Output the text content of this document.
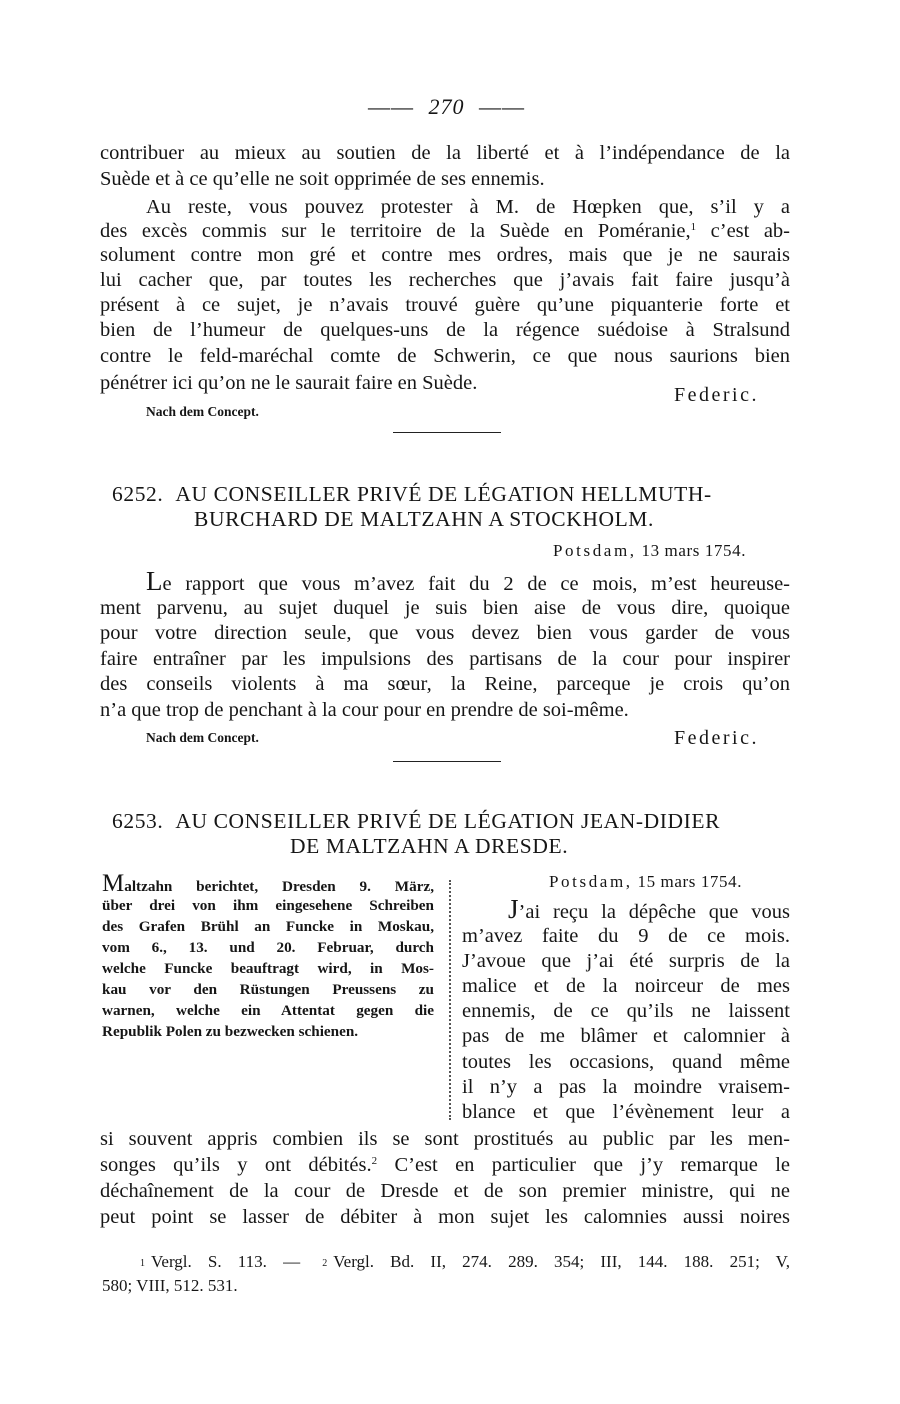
—— 270 ——
contribuer au mieux au soutien de la liberté et à l’indépendance de la
Suède et à ce qu’elle ne soit opprimée de ses ennemis.
Au reste, vous pouvez protester à M. de Hœpken que, s’il y a
des excès commis sur le territoire de la Suède en Poméranie,$^1$ c’est ab-
solument contre mon gré et contre mes ordres, mais que je ne saurais
lui cacher que, par toutes les recherches que j’avais fait faire jusqu’à
présent à ce sujet, je n’avais trouvé guère qu’une piquanterie forte et
bien de l’humeur de quelques-uns de la régence suédoise à Stralsund
contre le feld-maréchal comte de Schwerin, ce que nous saurions bien
pénétrer ici qu’on ne le saurait faire en Suède.
Federic.
Nach dem Concept.
6252. AU CONSEILLER PRIVÉ DE LÉGATION HELLMUTH-
BURCHARD DE MALTZAHN A STOCKHOLM.
Potsdam, 13 mars 1754.
Le rapport que vous m’avez fait du 2 de ce mois, m’est heureuse-
ment parvenu, au sujet duquel je suis bien aise de vous dire, quoique
pour votre direction seule, que vous devez bien vous garder de vous
faire entraîner par les impulsions des partisans de la cour pour inspirer
des conseils violents à ma sœur, la Reine, parceque je crois qu’on
n’a que trop de penchant à la cour pour en prendre de soi-même.
Nach dem Concept.	Federic.
6253. AU CONSEILLER PRIVÉ DE LÉGATION JEAN-DIDIER
DE MALTZAHN A DRESDE.
Maltzahn berichtet, Dresden 9. März,
über drei von ihm eingesehene Schreiben
des Grafen Brühl an Funcke in Moskau,
vom 6., 13. und 20. Februar, durch
welche Funcke beauftragt wird, in Mos-
kau vor den Rüstungen Preussens zu
warnen, welche ein Attentat gegen die
Republik Polen zu bezwecken schienen.
Potsdam, 15 mars 1754.
J’ai reçu la dépêche que vous
m’avez faite du 9 de ce mois.
J’avoue que j’ai été surpris de la
malice et de la noirceur de mes
ennemis, de ce qu’ils ne laissent
pas de me blâmer et calomnier à
toutes les occasions, quand même
il n’y a pas la moindre vraisem-
blance et que l’évènement leur a
si souvent appris combien ils se sont prostitués au public par les men-
songes qu’ils y ont débités.$^2$ C’est en particulier que j’y remarque le
déchaînement de la cour de Dresde et de son premier ministre, qui ne
peut point se lasser de débiter à mon sujet les calomnies aussi noires
1 Vergl. S. 113. — 2 Vergl. Bd. II, 274. 289. 354; III, 144. 188. 251; V,
580; VIII, 512. 531.
